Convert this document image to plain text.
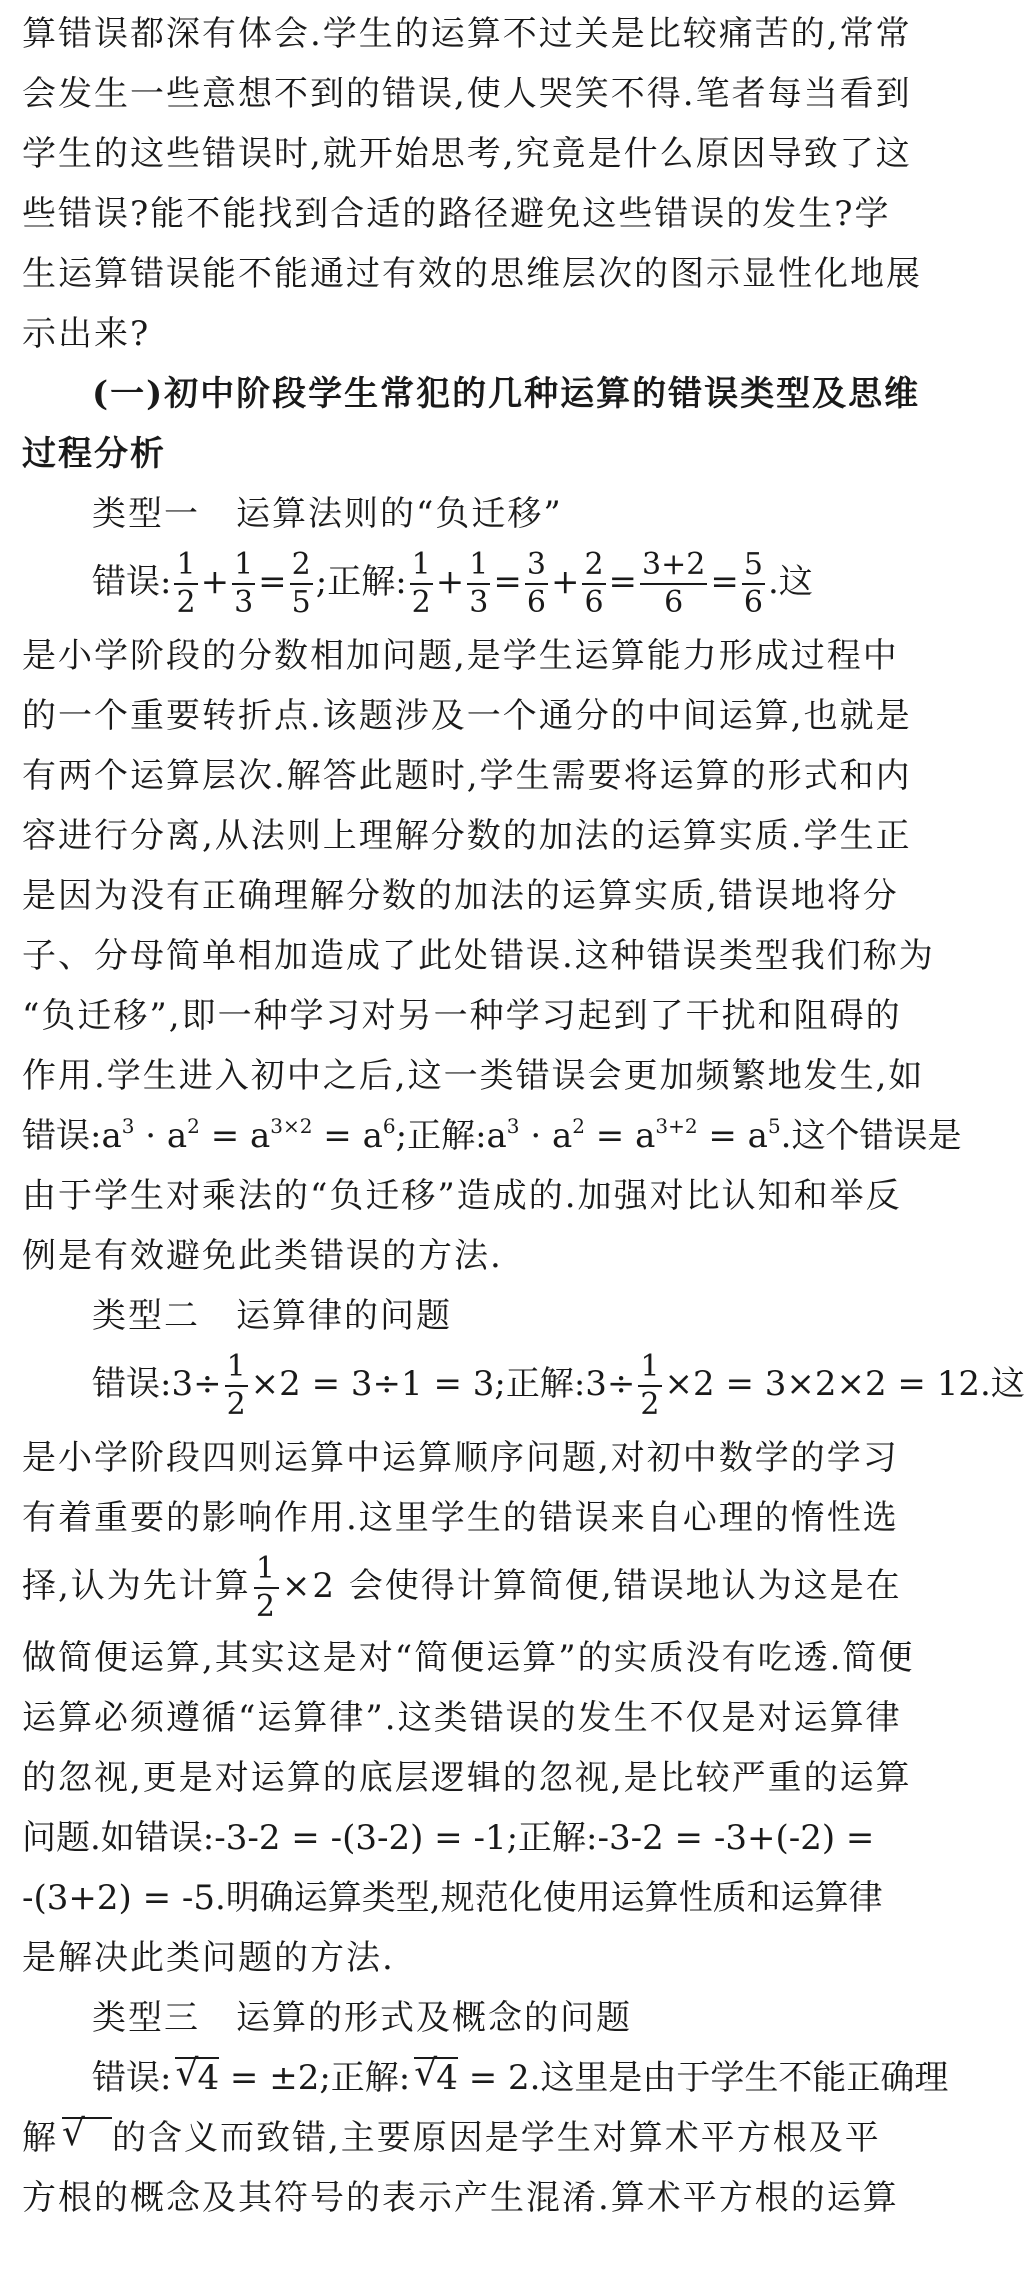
算错误都深有体会.学生的运算不过关是比较痛苦的,常常
会发生一些意想不到的错误,使人哭笑不得.笔者每当看到
学生的这些错误时,就开始思考,究竟是什么原因导致了这
些错误?能不能找到合适的路径避免这些错误的发生?学
生运算错误能不能通过有效的思维层次的图示显性化地展
示出来?
(一)初中阶段学生常犯的几种运算的错误类型及思维
过程分析
类型一　运算法则的“负迁移”
错误: $\frac{1}{2} + \frac{1}{3} = \frac{2}{5}$ ;正解: $\frac{1}{2} + \frac{1}{3} = \frac{3}{6} + \frac{2}{6} = \frac{3+2}{6} = \frac{5}{6}$ .这
是小学阶段的分数相加问题,是学生运算能力形成过程中
的一个重要转折点.该题涉及一个通分的中间运算,也就是
有两个运算层次.解答此题时,学生需要将运算的形式和内
容进行分离,从法则上理解分数的加法的运算实质.学生正
是因为没有正确理解分数的加法的运算实质,错误地将分
子、分母简单相加造成了此处错误.这种错误类型我们称为
“负迁移”,即一种学习对另一种学习起到了干扰和阻碍的
作用.学生进入初中之后,这一类错误会更加频繁地发生,如
错误$:a^3 \cdot a^2 = a^{3\times 2} = a^6$;正解$:a^3 \cdot a^2 = a^{3+2} = a^5$.这个错误是
由于学生对乘法的“负迁移”造成的.加强对比认知和举反
例是有效避免此类错误的方法.
类型二　运算律的问题
错误:3÷ $\frac{1}{2} \times 2 = 3\div 1 = 3$;正解:3÷ $\frac{1}{2} \times 2 = 3\times 2\times 2 = 12$.这
是小学阶段四则运算中运算顺序问题,对初中数学的学习
有着重要的影响作用.这里学生的错误来自心理的惰性选
择,认为先计算 $\frac{1}{2} \times 2$ 会使得计算简便,错误地认为这是在
做简便运算,其实这是对“简便运算”的实质没有吃透.简便
运算必须遵循“运算律”.这类错误的发生不仅是对运算律
的忽视,更是对运算的底层逻辑的忽视,是比较严重的运算
问题.如错误:-3-2 = -(3-2) = -1;正解:-3-2 = -3+(-2) =
-(3+2) = -5.明确运算类型,规范化使用运算性质和运算律
是解决此类问题的方法.
类型三　运算的形式及概念的问题
错误: √ 4 = ±2;正解: √ 4 = 2.这里是由于学生不能正确理
解 √ 的含义而致错,主要原因是学生对算术平方根及平
方根的概念及其符号的表示产生混淆.算术平方根的运算
